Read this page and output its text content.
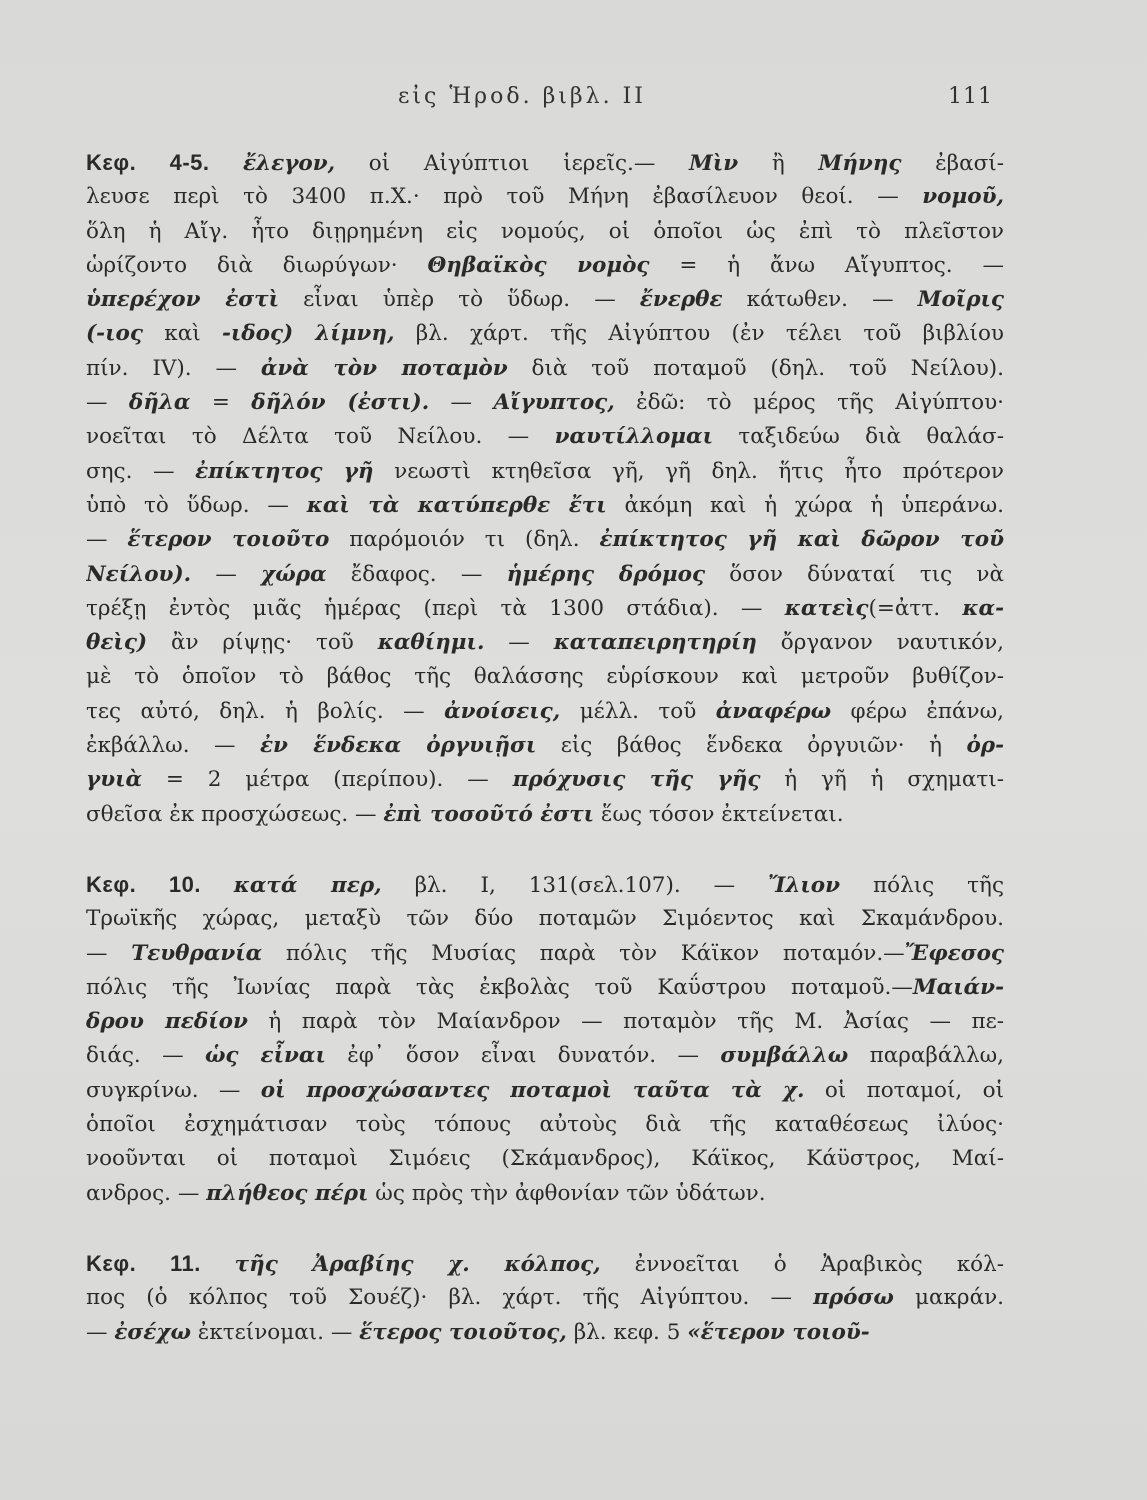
εἰς Ἡροδ. βιβλ. II	111
Κεφ. 4-5. ἔλεγον, οἱ Αἰγύπτιοι ἱερεῖς.— Μὶν ἢ Μήνης ἐβασί-
λευσε περὶ τὸ 3400 π.Χ.· πρὸ τοῦ Μήνη ἐβασίλευον θεοί. — νομοῦ,
ὅλη ἡ Αἴγ. ἦτο διῃρημένη εἰς νομούς, οἱ ὁποῖοι ὡς ἐπὶ τὸ πλεῖστον
ὡρίζοντο διὰ διωρύγων· Θηβαϊκὸς νομὸς = ἡ ἄνω Αἴγυπτος. —
ὑπερέχον ἐστὶ εἶναι ὑπὲρ τὸ ὕδωρ. — ἔνερθε κάτωθεν. — Μοῖρις
(-ιος καὶ -ιδος) λίμνη, βλ. χάρτ. τῆς Αἰγύπτου (ἐν τέλει τοῦ βιβλίου
πίν. IV). — ἀνὰ τὸν ποταμὸν διὰ τοῦ ποταμοῦ (δηλ. τοῦ Νείλου).
— δῆλα = δῆλόν (ἐστι). — Αἴγυπτος, ἐδῶ: τὸ μέρος τῆς Αἰγύπτου·
νοεῖται τὸ Δέλτα τοῦ Νείλου. — ναυτίλλομαι ταξιδεύω διὰ θαλάσ-
σης. — ἐπίκτητος γῆ νεωστὶ κτηθεῖσα γῆ, γῆ δηλ. ἥτις ἦτο πρότερον
ὑπὸ τὸ ὕδωρ. — καὶ τὰ κατύπερθε ἔτι ἀκόμη καὶ ἡ χώρα ἡ ὑπεράνω.
— ἕτερον τοιοῦτο παρόμοιόν τι (δηλ. ἐπίκτητος γῆ καὶ δῶρον τοῦ
Νείλου). — χώρα ἔδαφος. — ἡμέρης δρόμος ὅσον δύναταί τις νὰ
τρέξῃ ἐντὸς μιᾶς ἡμέρας (περὶ τὰ 1300 στάδια). — κατεὶς(=ἀττ. κα-
θεὶς) ἂν ρίψῃς· τοῦ καθίημι. — καταπειρητηρίη ὄργανον ναυτικόν,
μὲ τὸ ὁποῖον τὸ βάθος τῆς θαλάσσης εὑρίσκουν καὶ μετροῦν βυθίζον-
τες αὐτό, δηλ. ἡ βολίς. — ἀνοίσεις, μέλλ. τοῦ ἀναφέρω φέρω ἐπάνω,
ἐκβάλλω. — ἐν ἕνδεκα ὀργυιῇσι εἰς βάθος ἕνδεκα ὀργυιῶν· ἡ ὀρ-
γυιὰ = 2 μέτρα (περίπου). — πρόχυσις τῆς γῆς ἡ γῆ ἡ σχηματι-
σθεῖσα ἐκ προσχώσεως. — ἐπὶ τοσοῦτό ἐστι ἕως τόσον ἐκτείνεται.
Κεφ. 10. κατά περ, βλ. I, 131(σελ.107). — Ἴλιον πόλις τῆς
Τρωϊκῆς χώρας, μεταξὺ τῶν δύο ποταμῶν Σιμόεντος καὶ Σκαμάνδρου.
— Τευθρανία πόλις τῆς Μυσίας παρὰ τὸν Κάϊκον ποταμόν.—Ἔφεσος
πόλις τῆς Ἰωνίας παρὰ τὰς ἐκβολὰς τοῦ Καΰστρου ποταμοῦ.—Μαιάν-
δρου πεδίον ἡ παρὰ τὸν Μαίανδρον — ποταμὸν τῆς Μ. Ἀσίας — πε-
διάς. — ὡς εἶναι ἐφ᾿ ὅσον εἶναι δυνατόν. — συμβάλλω παραβάλλω,
συγκρίνω. — οἱ προσχώσαντες ποταμοὶ ταῦτα τὰ χ. οἱ ποταμοί, οἱ
ὁποῖοι ἐσχημάτισαν τοὺς τόπους αὐτοὺς διὰ τῆς καταθέσεως ἰλύος·
νοοῦνται οἱ ποταμοὶ Σιμόεις (Σκάμανδρος), Κάϊκος, Κάϋστρος, Μαί-
ανδρος. — πλήθεος πέρι ὡς πρὸς τὴν ἀφθονίαν τῶν ὑδάτων.
Κεφ. 11. τῆς Ἀραβίης χ. κόλπος, ἐννοεῖται ὁ Ἀραβικὸς κόλ-
πος (ὁ κόλπος τοῦ Σουέζ)· βλ. χάρτ. τῆς Αἰγύπτου. — πρόσω μακράν.
— ἐσέχω ἐκτείνομαι. — ἕτερος τοιοῦτος, βλ. κεφ. 5 «ἕτερον τοιοῦ-
